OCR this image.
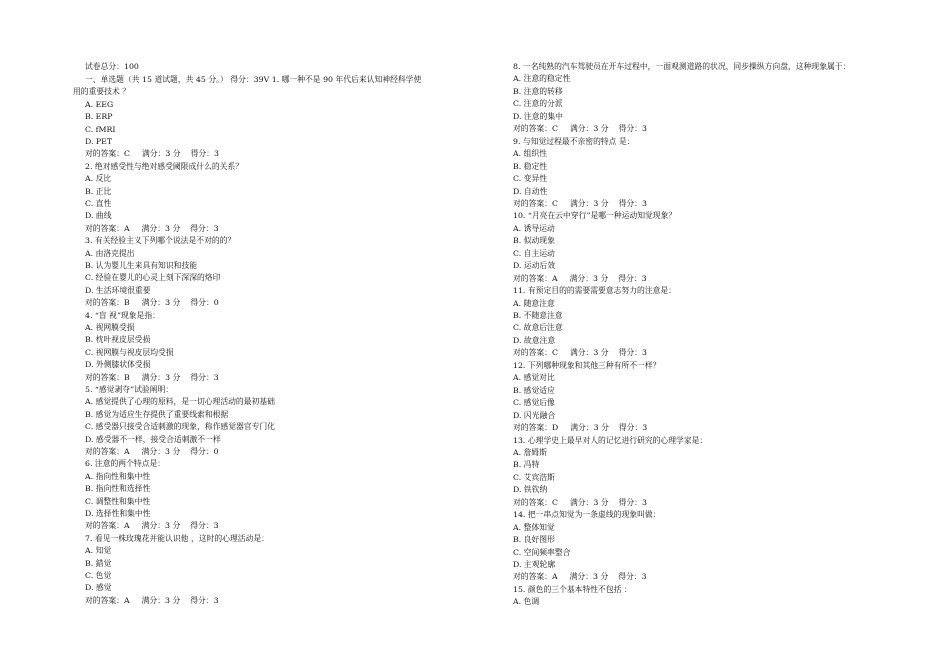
试卷总分：100
一、单选题（共 15 道试题，共 45 分。） 得分：39V 1. 哪一种不是 90 年代后来认知神经科学使
用的重要技术 ？
A. EEG
B. ERP
C. fMRI
D. PET
对的答案：C 满分：3 分 得分：3
2. 绝对感受性与绝对感受阈限成什么的关系？
A. 反比
B. 正比
C. 直性
D. 曲线
对的答案：A 满分：3 分 得分：3
3. 有关经验主义下列哪个说法是不对的的？
A. 由洛克提出
B. 认为婴儿生来具有知识和技能
C. 经验在婴儿的心灵上刻下深深的烙印
D. 生活环境很重要
对的答案：B 满分：3 分 得分：0
4. “盲 视”现象是指：
A. 视网膜受损
B. 枕叶视皮层受损
C. 视网膜与视皮层均受损
D. 外侧膝状体受损
对的答案：B 满分：3 分 得分：3
5. “感觉剥夺”试验阐明：
A. 感觉提供了心理的原料，是一切心理活动的最初基础
B. 感觉为适应生存提供了重要线索和根据
C. 感受器只接受合适刺激的现象，称作感觉器官专门化
D. 感受器不一样，接受合适刺激不一样
对的答案：A 满分：3 分 得分：0
6. 注意的两个特点是：
A. 指向性和集中性
B. 指向性和选择性
C. 调整性和集中性
D. 选择性和集中性
对的答案：A 满分：3 分 得分：3
7. 看见一株玫瑰花并能认识他 ，这时的心理活动是：
A. 知觉
B. 錯觉
C. 色觉
D. 感觉
对的答案：A 满分：3 分 得分：3
8. 一名纯熟的汽车驾驶员在开车过程中，一面观测道路的状况，同步操纵方向盘，这种现象属于：
A. 注意的稳定性
B. 注意的转移
C. 注意的分派
D. 注意的集中
对的答案：C 满分：3 分 得分：3
9. 与知觉过程最不亲密的特点 是：
A. 组织性
B. 稳定性
C. 变异性
D. 自动性
对的答案：C 满分：3 分 得分：3
10. “月亮在云中穿行”是哪一种运动知觉现象？
A. 诱导运动
B. 似动现象
C. 自主运动
D. 运动后效
对的答案：A 满分：3 分 得分：3
11. 有预定目的的需要需要意志努力的注意是：
A. 随意注意
B. 不随意注意
C. 故意后注意
D. 故意注意
对的答案：C 满分：3 分 得分：3
12. 下列哪种现象和其他三种有所不一样？
A. 感觉对比
B. 感觉适应
C. 感觉后像
D. 闪光融合
对的答案：D 满分：3 分 得分：3
13. 心理学史上最早对人的记忆进行研究的心理学家是：
A. 詹姆斯
B. 冯特
C. 艾宾浩斯
D. 铁钦纳
对的答案：C 满分：3 分 得分：3
14. 把一串点知觉为一条虚线的现象叫做：
A. 整体知觉
B. 良好图形
C. 空间频率整合
D. 主观轮廓
对的答案：A 满分：3 分 得分：3
15. 颜色的三个基本特性不包括 ：
A. 色调
